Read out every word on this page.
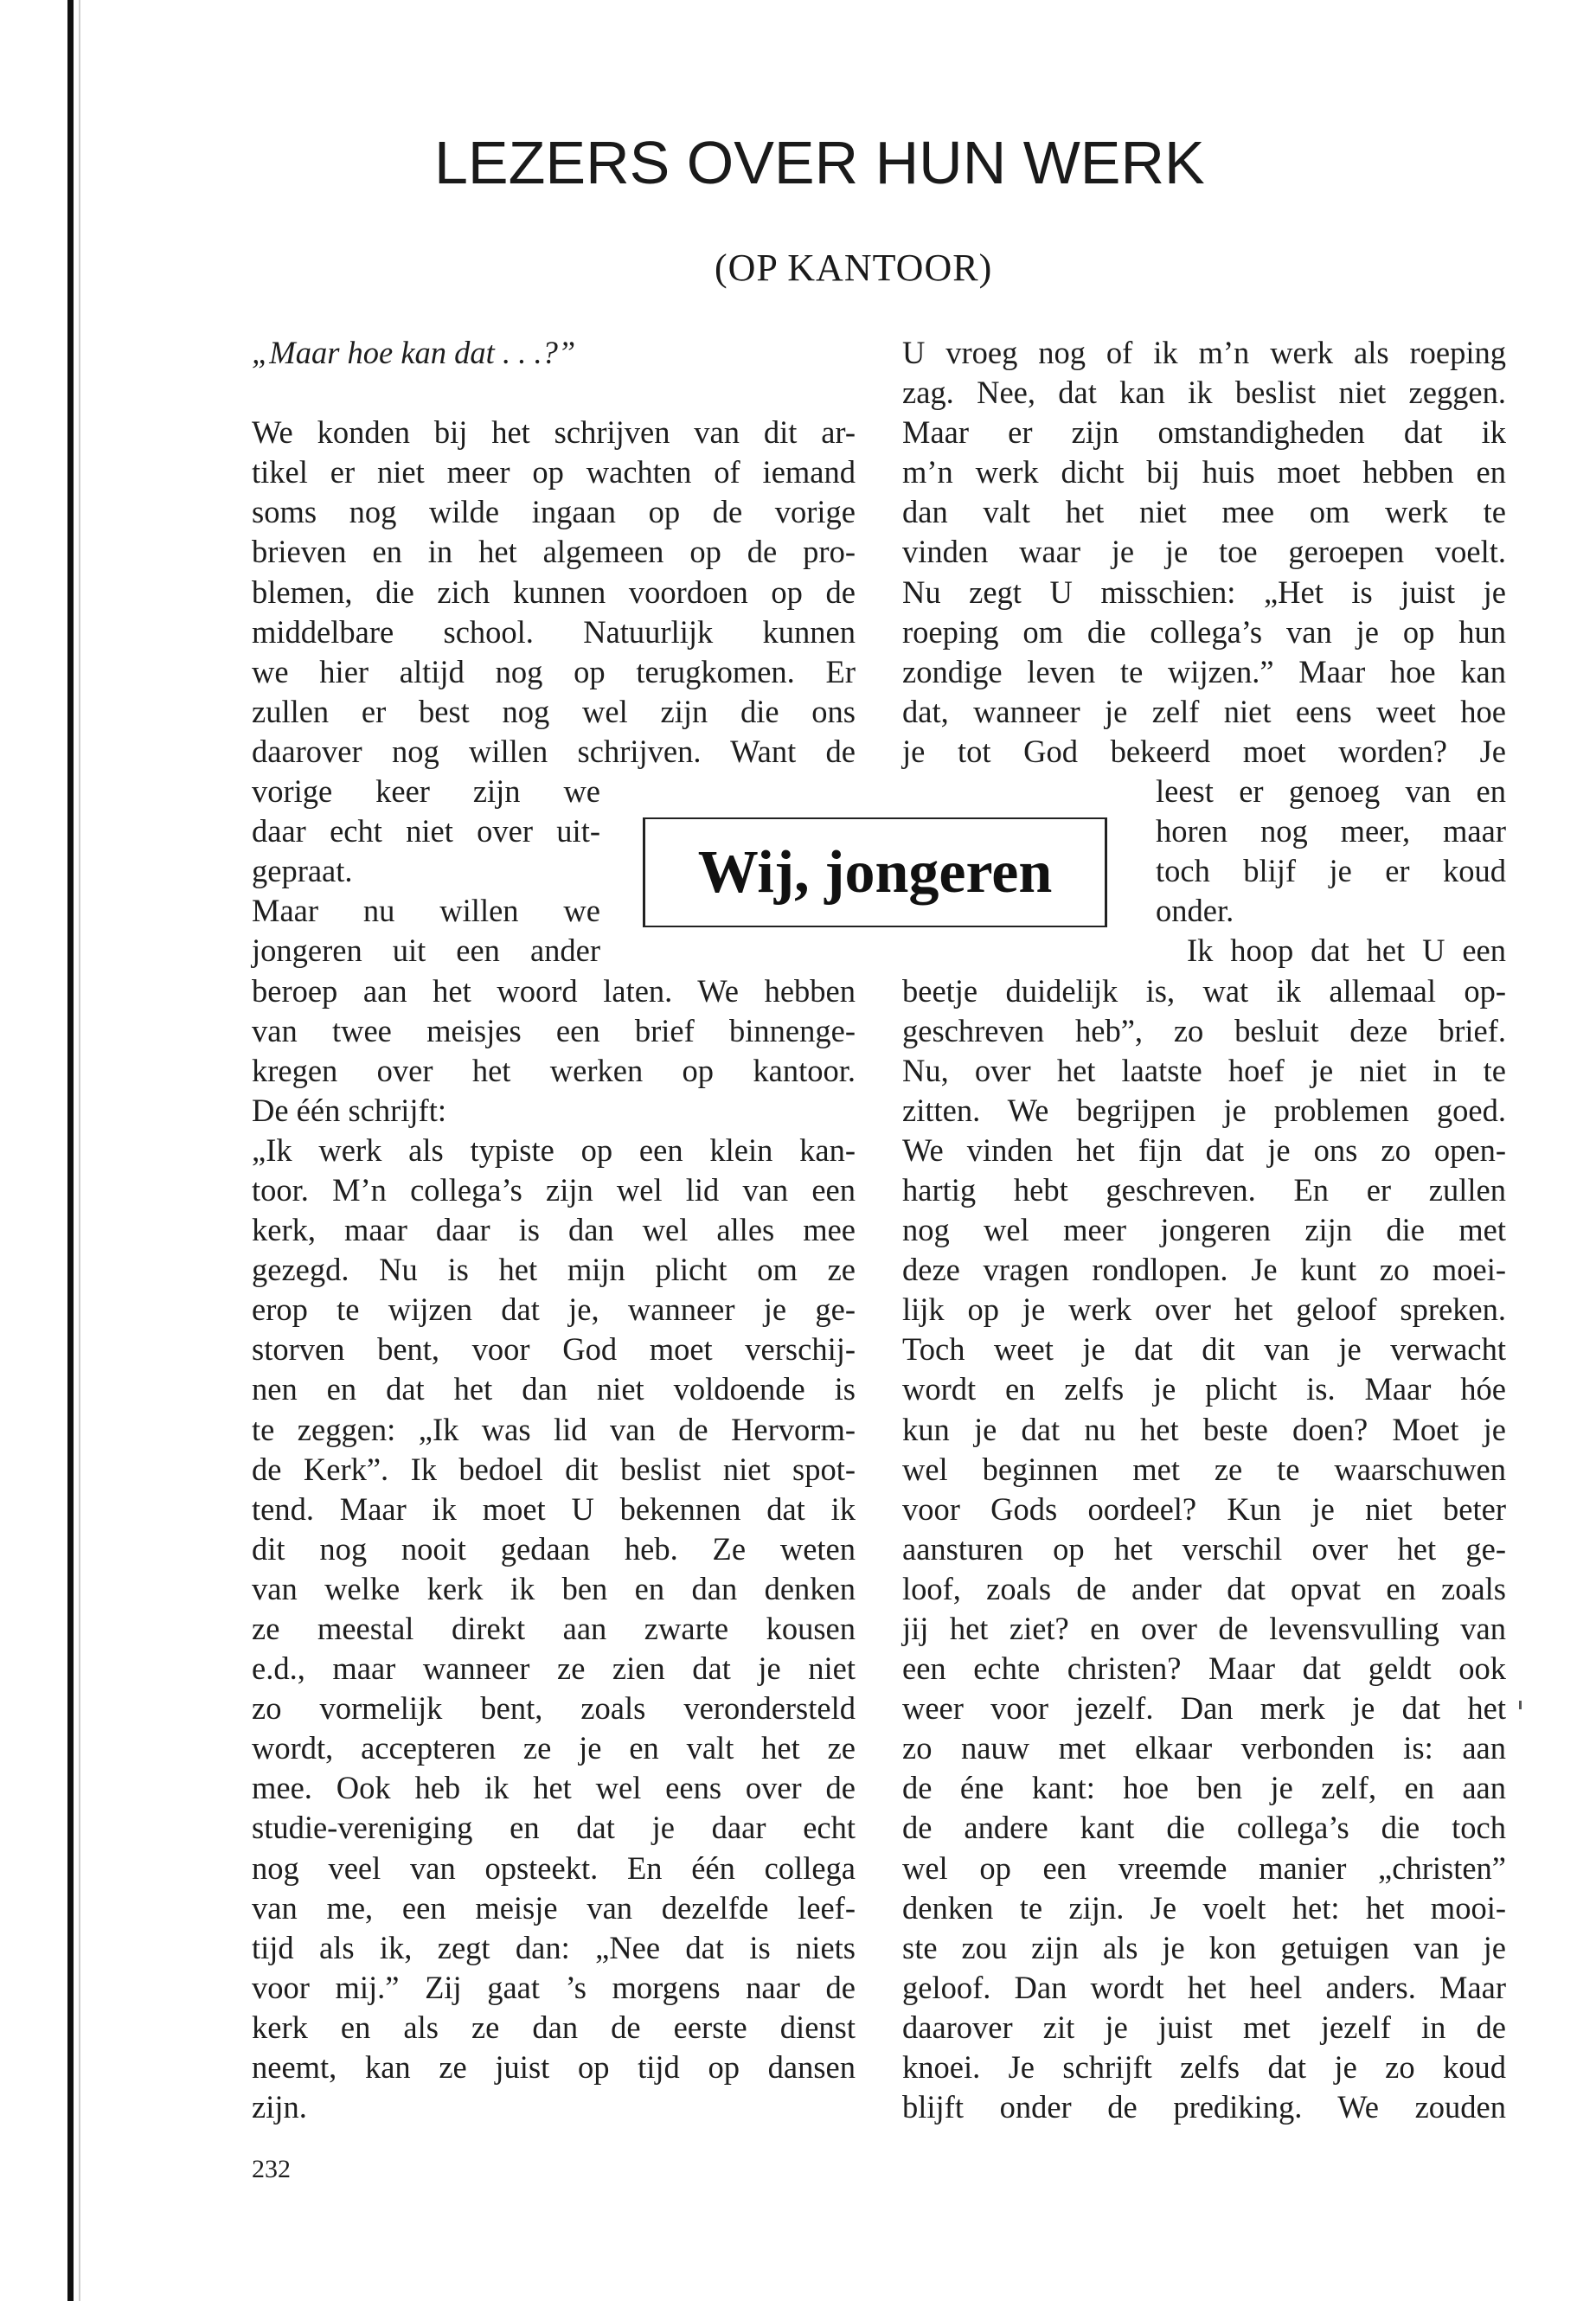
LEZERS OVER HUN WERK
(OP KANTOOR)
„Maar hoe kan dat . . .?”
We konden bij het schrijven van dit ar-
tikel er niet meer op wachten of iemand
soms nog wilde ingaan op de vorige
brieven en in het algemeen op de pro-
blemen, die zich kunnen voordoen op de
middelbare school. Natuurlijk kunnen
we hier altijd nog op terugkomen. Er
zullen er best nog wel zijn die ons
daarover nog willen schrijven. Want de
vorige keer zijn we
daar echt niet over uit-
gepraat.
Maar nu willen we
jongeren uit een ander
beroep aan het woord laten. We hebben
van twee meisjes een brief binnenge-
kregen over het werken op kantoor.
De één schrijft:
„Ik werk als typiste op een klein kan-
toor. M’n collega’s zijn wel lid van een
kerk, maar daar is dan wel alles mee
gezegd. Nu is het mijn plicht om ze
erop te wijzen dat je, wanneer je ge-
storven bent, voor God moet verschij-
nen en dat het dan niet voldoende is
te zeggen: „Ik was lid van de Hervorm-
de Kerk”. Ik bedoel dit beslist niet spot-
tend. Maar ik moet U bekennen dat ik
dit nog nooit gedaan heb. Ze weten
van welke kerk ik ben en dan denken
ze meestal direkt aan zwarte kousen
e.d., maar wanneer ze zien dat je niet
zo vormelijk bent, zoals verondersteld
wordt, accepteren ze je en valt het ze
mee. Ook heb ik het wel eens over de
studie-vereniging en dat je daar echt
nog veel van opsteekt. En één collega
van me, een meisje van dezelfde leef-
tijd als ik, zegt dan: „Nee dat is niets
voor mij.” Zij gaat ’s morgens naar de
kerk en als ze dan de eerste dienst
neemt, kan ze juist op tijd op dansen
zijn.
Wij, jongeren
U vroeg nog of ik m’n werk als roeping
zag. Nee, dat kan ik beslist niet zeggen.
Maar er zijn omstandigheden dat ik
m’n werk dicht bij huis moet hebben en
dan valt het niet mee om werk te
vinden waar je je toe geroepen voelt.
Nu zegt U misschien: „Het is juist je
roeping om die collega’s van je op hun
zondige leven te wijzen.” Maar hoe kan
dat, wanneer je zelf niet eens weet hoe
je tot God bekeerd moet worden? Je
leest er genoeg van en
horen nog meer, maar
toch blijf je er koud
onder.
Ik hoop dat het U een
beetje duidelijk is, wat ik allemaal op-
geschreven heb”, zo besluit deze brief.
Nu, over het laatste hoef je niet in te
zitten. We begrijpen je problemen goed.
We vinden het fijn dat je ons zo open-
hartig hebt geschreven. En er zullen
nog wel meer jongeren zijn die met
deze vragen rondlopen. Je kunt zo moei-
lijk op je werk over het geloof spreken.
Toch weet je dat dit van je verwacht
wordt en zelfs je plicht is. Maar hóe
kun je dat nu het beste doen? Moet je
wel beginnen met ze te waarschuwen
voor Gods oordeel? Kun je niet beter
aansturen op het verschil over het ge-
loof, zoals de ander dat opvat en zoals
jij het ziet? en over de levensvulling van
een echte christen? Maar dat geldt ook
weer voor jezelf. Dan merk je dat het
zo nauw met elkaar verbonden is: aan
de éne kant: hoe ben je zelf, en aan
de andere kant die collega’s die toch
wel op een vreemde manier „christen”
denken te zijn. Je voelt het: het mooi-
ste zou zijn als je kon getuigen van je
geloof. Dan wordt het heel anders. Maar
daarover zit je juist met jezelf in de
knoei. Je schrijft zelfs dat je zo koud
blijft onder de prediking. We zouden
232
